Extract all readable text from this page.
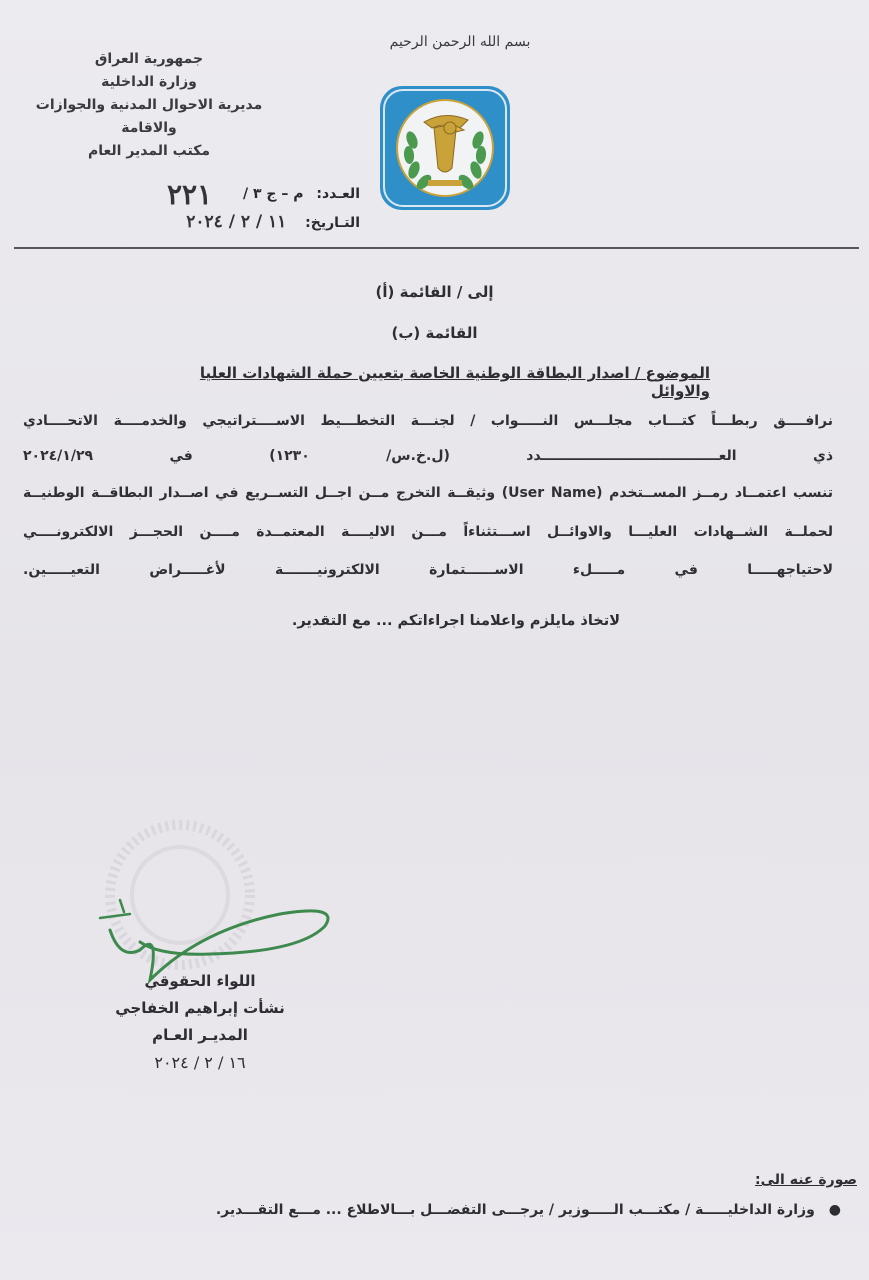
جمهورية العراق
وزارة الداخلية
مديرية الاحوال المدنية والجوازات والاقامة
مكتب المدير العام
بسم الله الرحمن الرحيم
العـدد: م – ج ٣ / ٢٢١
التـاريخ: ١١ / ٢ / ٢٠٢٤
إلى / القائمة (أ)
القائمة (ب)
الموضوع / اصدار البطاقة الوطنية الخاصة بتعيين حملة الشهادات العليا والاوائل
نرافــــق ربطـــاً كتـــاب مجلـــس النـــــواب / لجنـــة التخطـــيط الاســــتراتيجي والخدمــــة الاتحــــادي
ذي العـــــــــــــــــــــــــــــــــــــدد (ل.خ.س/ ١٢٣٠) في ٢٠٢٤/١/٢٩
تنسب اعتمــاد رمــز المســتخدم (User Name) وثيقــة التخرج مــن اجــل التســريع في اصــدار البطاقــة الوطنيــة
لحملــة الشــهادات العليـــا والاوائــل اســـتثناءاً مـــن الاليــــة المعتمــدة مــــن الحجـــز الالكترونــــي
لاحتياجهـــــا في مـــــلء الاســــــتمارة الالكترونيـــــــة لأغـــــراض التعيـــــين.
لاتخاذ مايلزم واعلامنا اجراءاتكم ... مع التقدير.
اللواء الحقوقي
نشأت إبراهيم الخفاجي
المديـر العـام
١٦ / ٢ / ٢٠٢٤
صورة عنه الى:
●وزارة الداخليـــــة / مكتـــب الـــــوزير / يرجـــى التفضـــل بـــالاطلاع ... مـــع التقـــدير.
